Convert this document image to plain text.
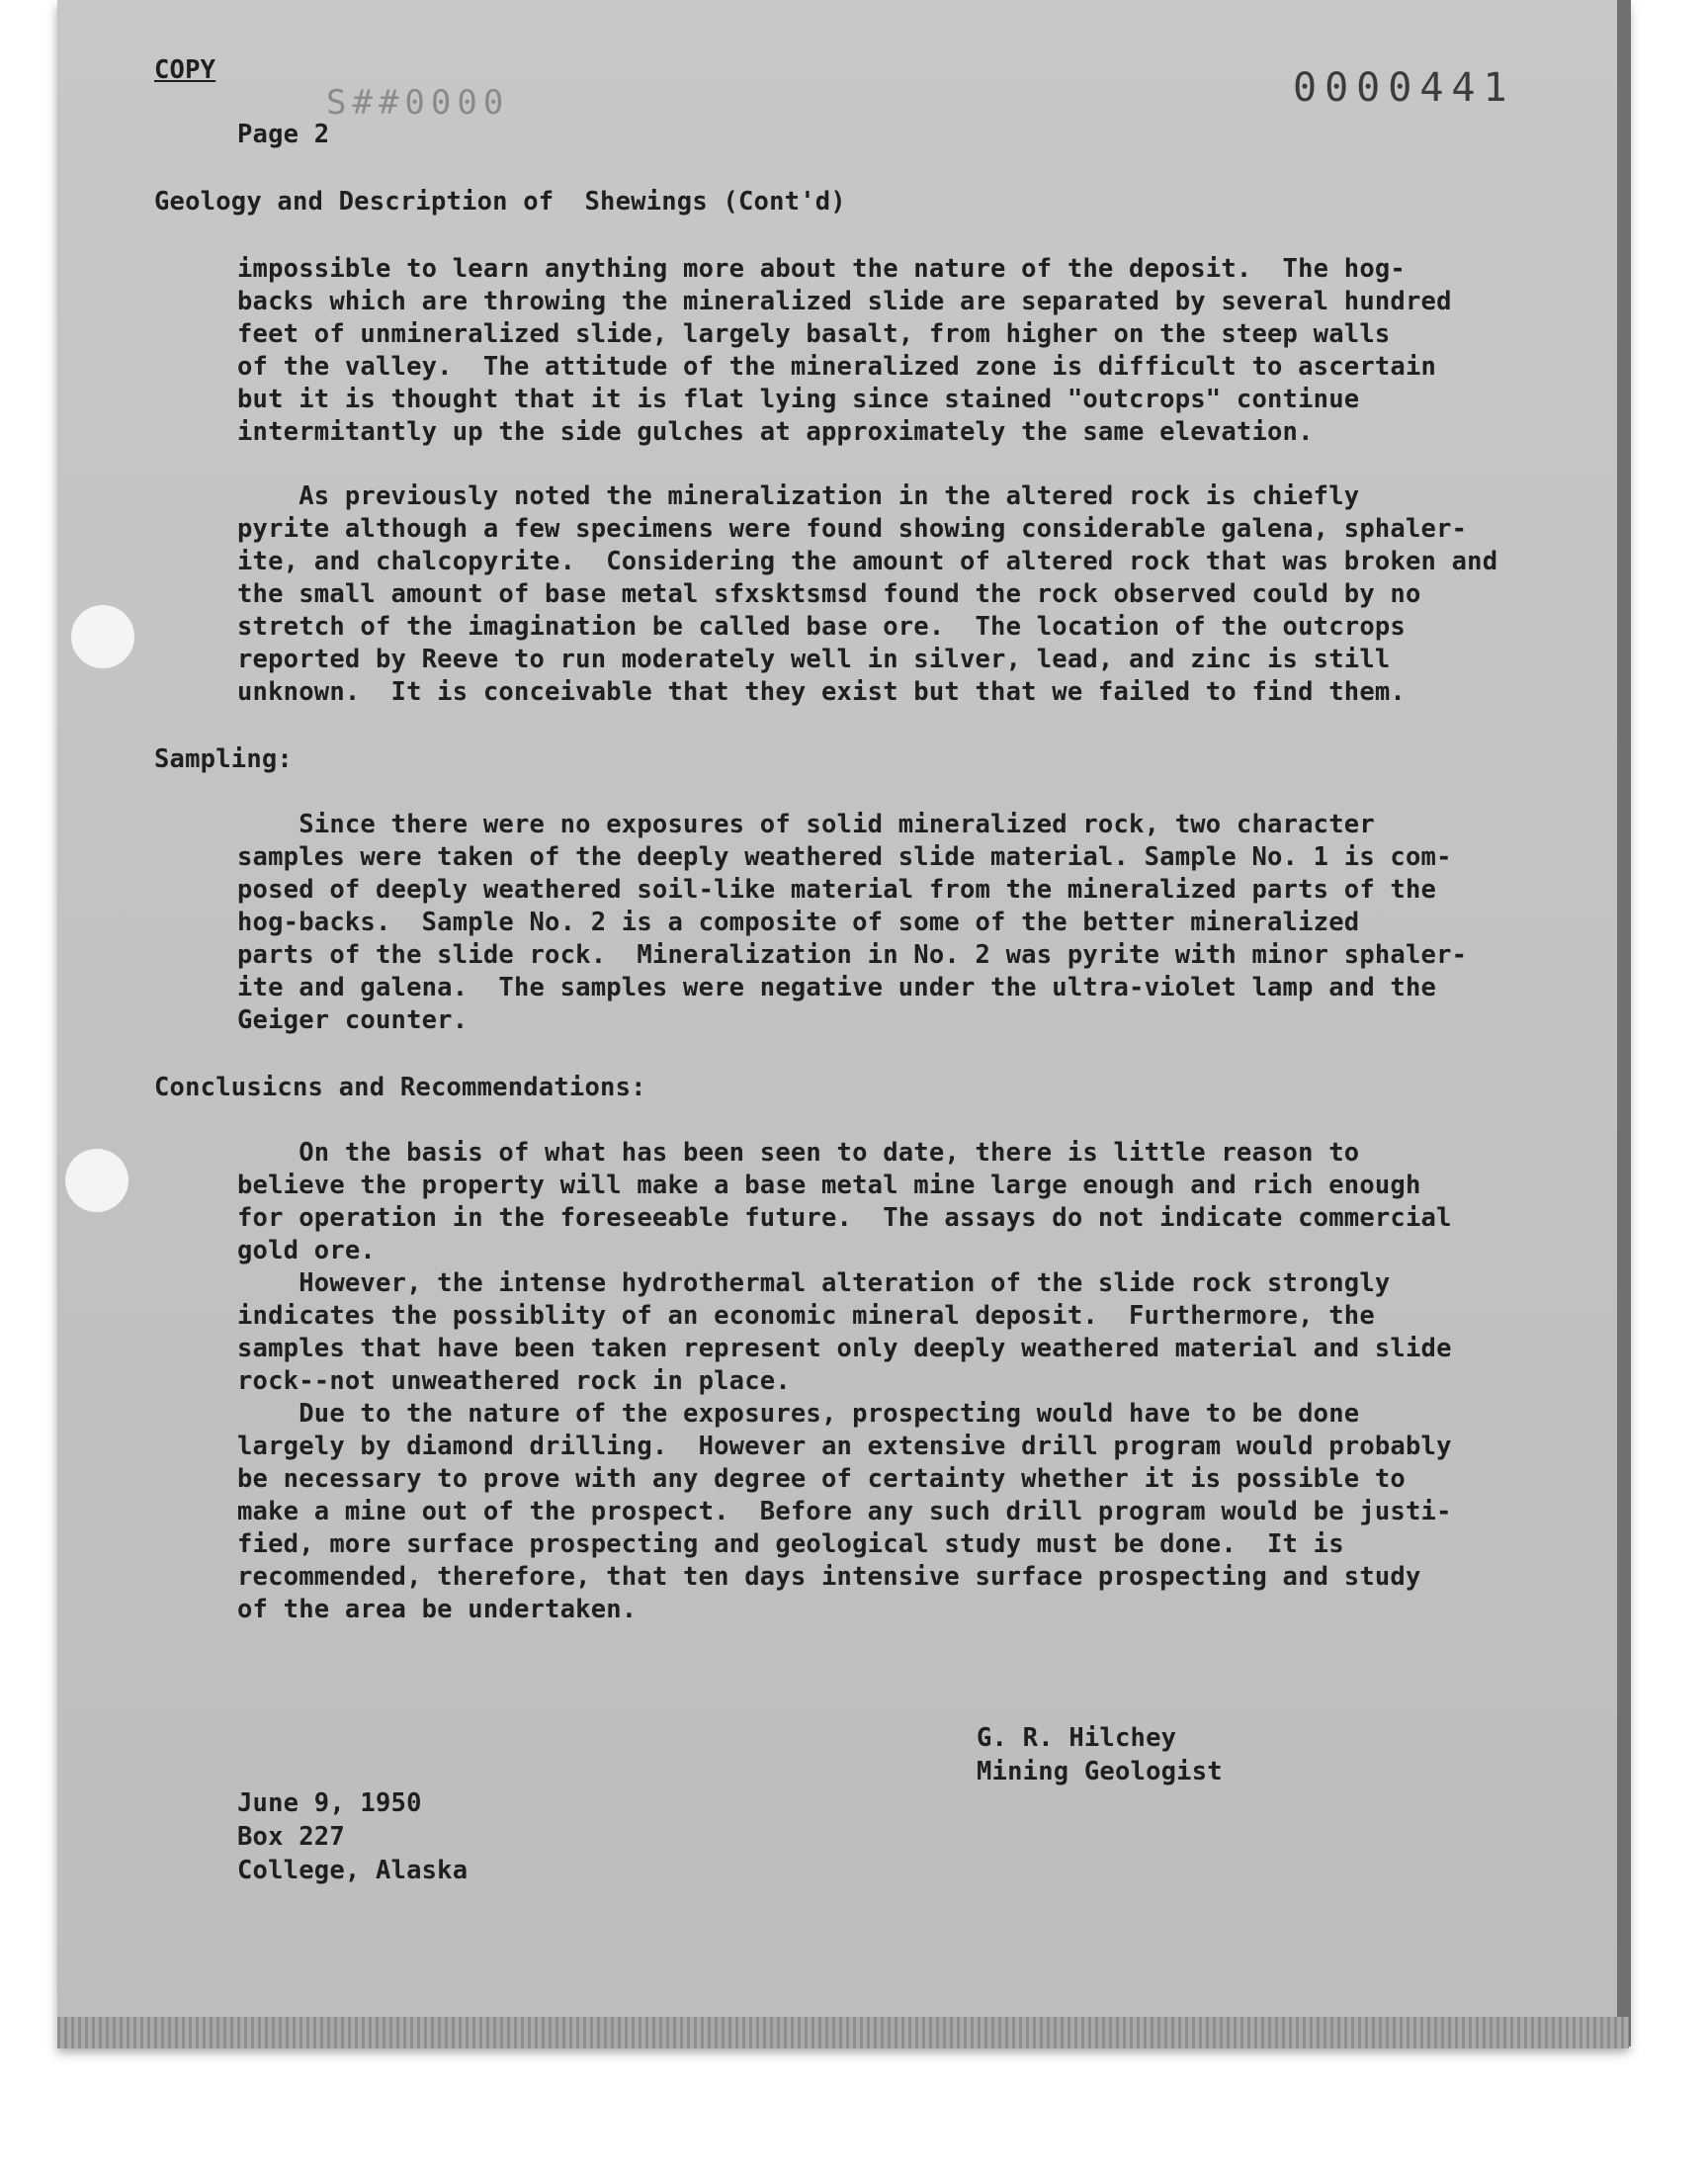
COPY
S##0000	0000441
Page 2
Geology and Description of  Shewings (Cont'd)
impossible to learn anything more about the nature of the deposit.  The hog-
backs which are throwing the mineralized slide are separated by several hundred
feet of unmineralized slide, largely basalt, from higher on the steep walls
of the valley.  The attitude of the mineralized zone is difficult to ascertain
but it is thought that it is flat lying since stained "outcrops" continue
intermitantly up the side gulches at approximately the same elevation.
As previously noted the mineralization in the altered rock is chiefly
pyrite although a few specimens were found showing considerable galena, sphaler-
ite, and chalcopyrite.  Considering the amount of altered rock that was broken and
the small amount of base metal sfxsktsmsd found the rock observed could by no
stretch of the imagination be called base ore.  The location of the outcrops
reported by Reeve to run moderately well in silver, lead, and zinc is still
unknown.  It is conceivable that they exist but that we failed to find them.
Sampling:
Since there were no exposures of solid mineralized rock, two character
samples were taken of the deeply weathered slide material. Sample No. 1 is com-
posed of deeply weathered soil-like material from the mineralized parts of the
hog-backs.  Sample No. 2 is a composite of some of the better mineralized
parts of the slide rock.  Mineralization in No. 2 was pyrite with minor sphaler-
ite and galena.  The samples were negative under the ultra-violet lamp and the
Geiger counter.
Conclusicns and Recommendations:
On the basis of what has been seen to date, there is little reason to
believe the property will make a base metal mine large enough and rich enough
for operation in the foreseeable future.  The assays do not indicate commercial
gold ore.
However, the intense hydrothermal alteration of the slide rock strongly
indicates the possiblity of an economic mineral deposit.  Furthermore, the
samples that have been taken represent only deeply weathered material and slide
rock--not unweathered rock in place.
Due to the nature of the exposures, prospecting would have to be done
largely by diamond drilling.  However an extensive drill program would probably
be necessary to prove with any degree of certainty whether it is possible to
make a mine out of the prospect.  Before any such drill program would be justi-
fied, more surface prospecting and geological study must be done.  It is
recommended, therefore, that ten days intensive surface prospecting and study
of the area be undertaken.
G. R. Hilchey
Mining Geologist
June 9, 1950
Box 227
College, Alaska
